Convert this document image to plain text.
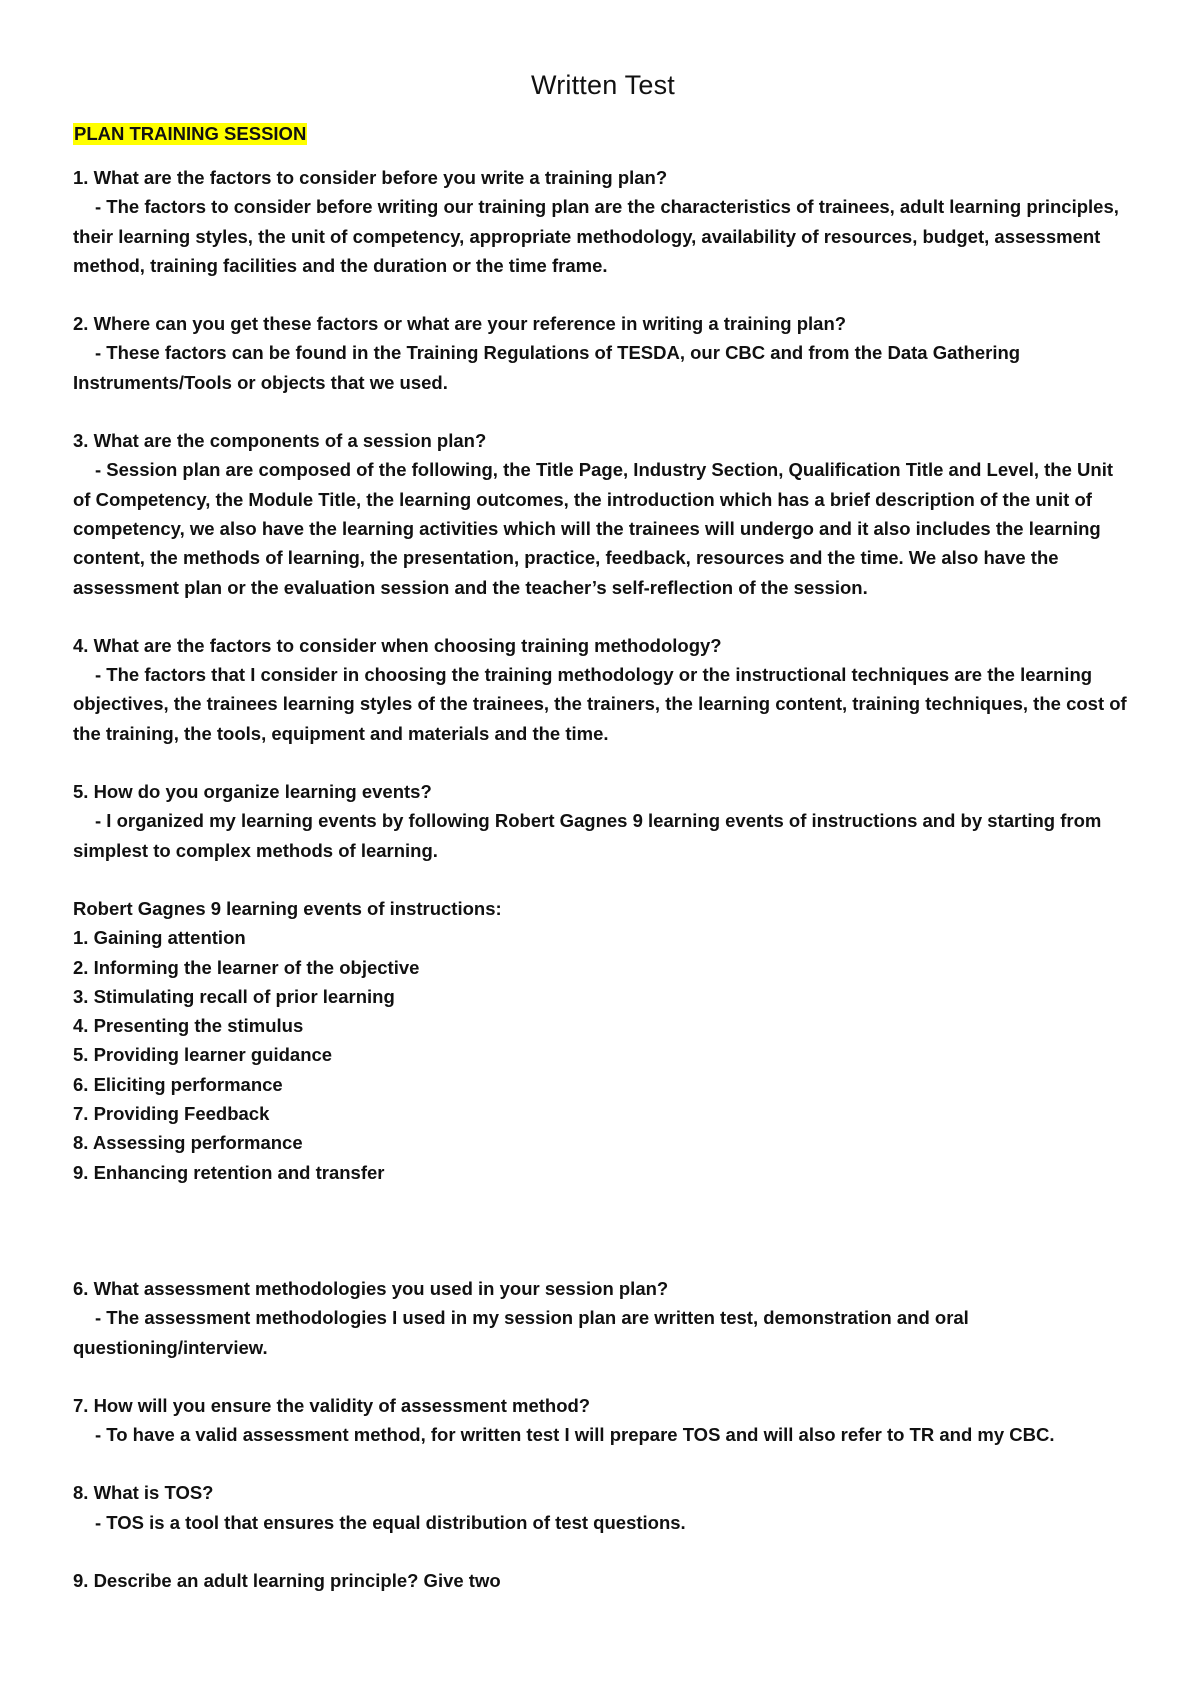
Written Test
PLAN TRAINING SESSION
1. What are the factors to consider before you write a training plan?
- The factors to consider before writing our training plan are the characteristics of trainees, adult learning principles, their learning styles, the unit of competency, appropriate methodology, availability of resources, budget, assessment method, training facilities and the duration or the time frame.
2. Where can you get these factors or what are your reference in writing a training plan?
- These factors can be found in the Training Regulations of TESDA, our CBC and from the Data Gathering Instruments/Tools or objects that we used.
3. What are the components of a session plan?
- Session plan are composed of the following, the Title Page, Industry Section, Qualification Title and Level, the Unit of Competency, the Module Title, the learning outcomes, the introduction which has a brief description of the unit of competency, we also have the learning activities which will the trainees will undergo and it also includes the learning content, the methods of learning, the presentation, practice, feedback, resources and the time. We also have the assessment plan or the evaluation session and the teacher’s self-reflection of the session.
4. What are the factors to consider when choosing training methodology?
- The factors that I consider in choosing the training methodology or the instructional techniques are the learning objectives, the trainees learning styles of the trainees, the trainers, the learning content, training techniques, the cost of the training, the tools, equipment and materials and the time.
5. How do you organize learning events?
- I organized my learning events by following Robert Gagnes 9 learning events of instructions and by starting from simplest to complex methods of learning.
Robert Gagnes 9 learning events of instructions:
1. Gaining attention
2. Informing the learner of the objective
3. Stimulating recall of prior learning
4. Presenting the stimulus
5. Providing learner guidance
6. Eliciting performance
7. Providing Feedback
8. Assessing performance
9. Enhancing retention and transfer
6. What assessment methodologies you used in your session plan?
- The assessment methodologies I used in my session plan are written test, demonstration and oral questioning/interview.
7. How will you ensure the validity of assessment method?
- To have a valid assessment method, for written test I will prepare TOS and will also refer to TR and my CBC.
8. What is TOS?
- TOS is a tool that ensures the equal distribution of test questions.
9. Describe an adult learning principle? Give two
